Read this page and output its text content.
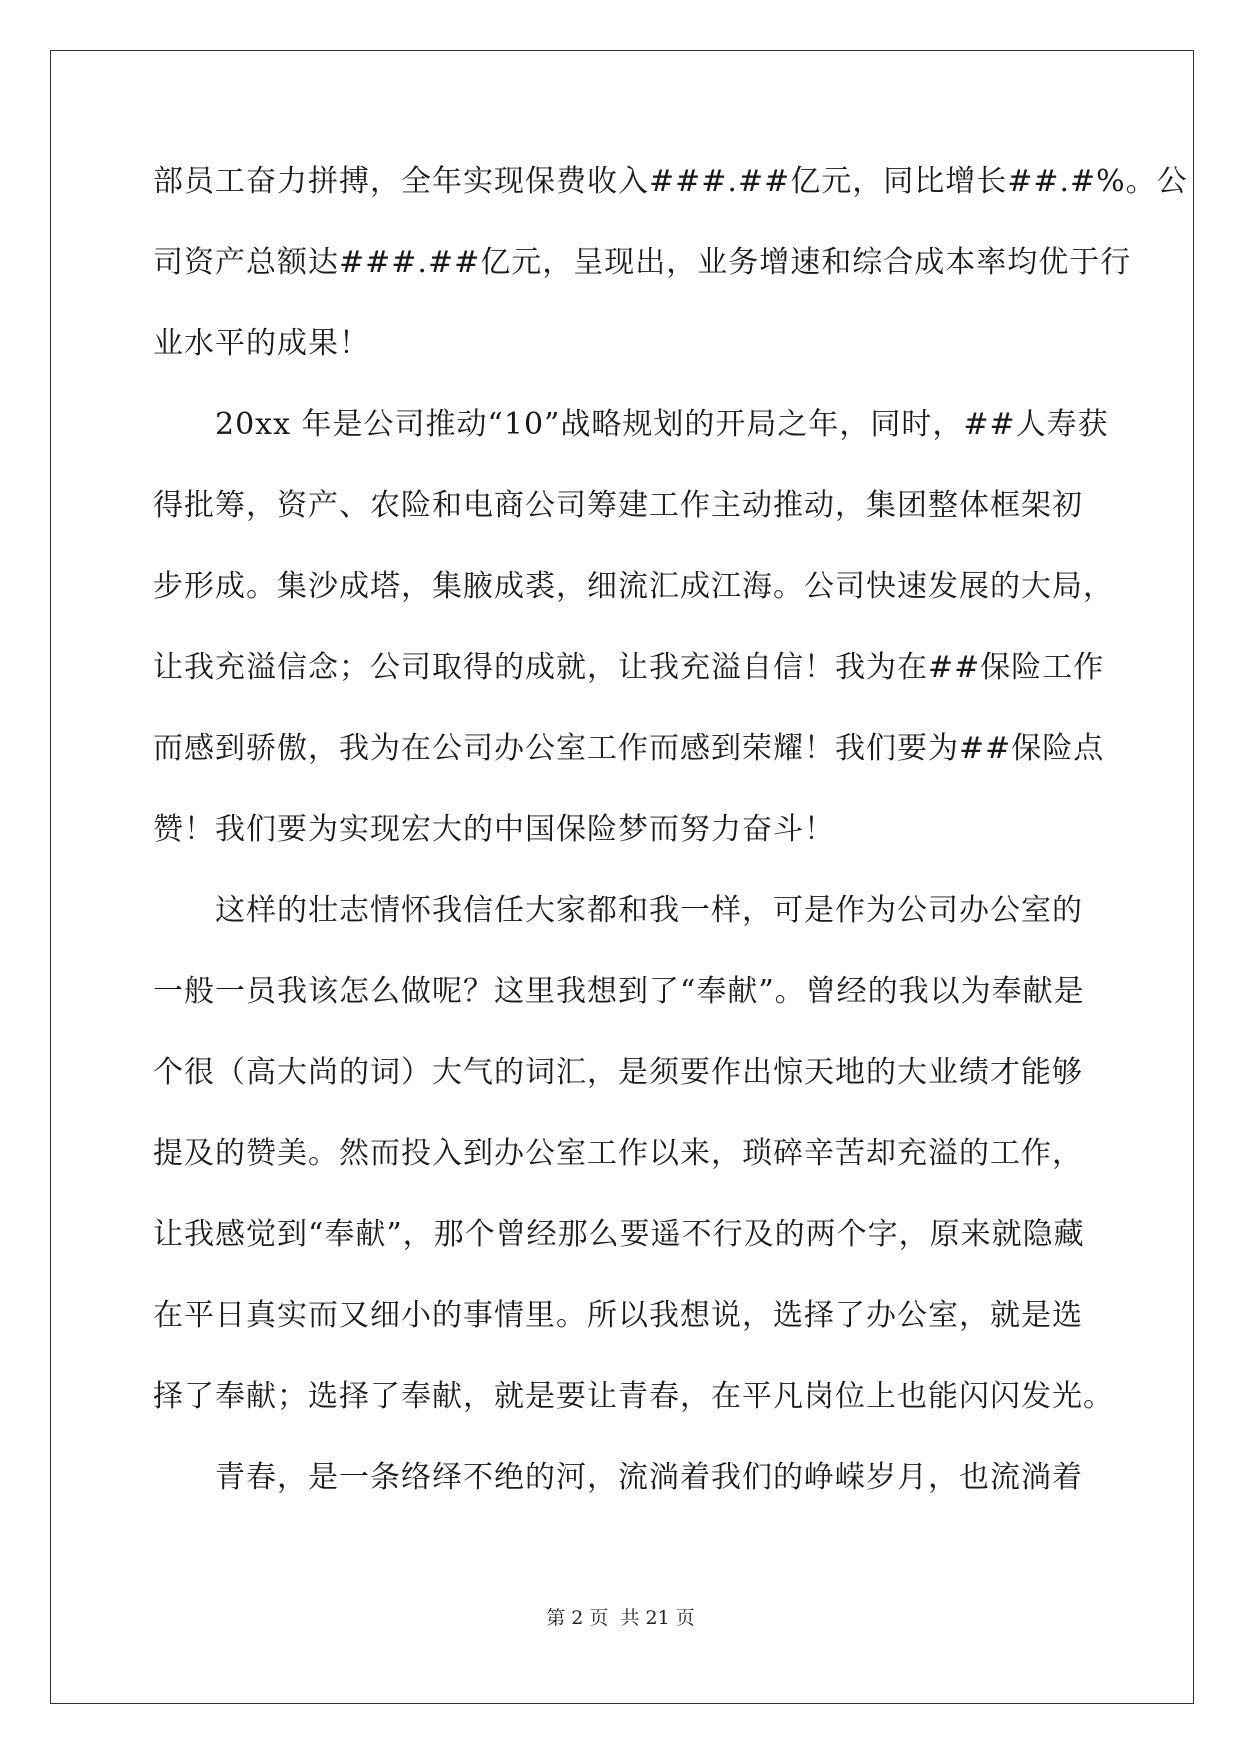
部员工奋力拼搏，全年实现保费收入###.##亿元，同比增长##.#%。公
司资产总额达###.##亿元，呈现出，业务增速和综合成本率均优于行
业水平的成果！
　　20xx 年是公司推动“10”战略规划的开局之年，同时，##人寿获
得批筹，资产、农险和电商公司筹建工作主动推动，集团整体框架初
步形成。集沙成塔，集腋成裘，细流汇成江海。公司快速发展的大局，
让我充溢信念；公司取得的成就，让我充溢自信！我为在##保险工作
而感到骄傲，我为在公司办公室工作而感到荣耀！我们要为##保险点
赞！我们要为实现宏大的中国保险梦而努力奋斗！
　　这样的壮志情怀我信任大家都和我一样，可是作为公司办公室的
一般一员我该怎么做呢？这里我想到了“奉献”。曾经的我以为奉献是
个很（高大尚的词）大气的词汇，是须要作出惊天地的大业绩才能够
提及的赞美。然而投入到办公室工作以来，琐碎辛苦却充溢的工作，
让我感觉到“奉献”，那个曾经那么要遥不行及的两个字，原来就隐藏
在平日真实而又细小的事情里。所以我想说，选择了办公室，就是选
择了奉献；选择了奉献，就是要让青春，在平凡岗位上也能闪闪发光。
　　青春，是一条络绎不绝的河，流淌着我们的峥嵘岁月，也流淌着
第 2 页 共 21 页
